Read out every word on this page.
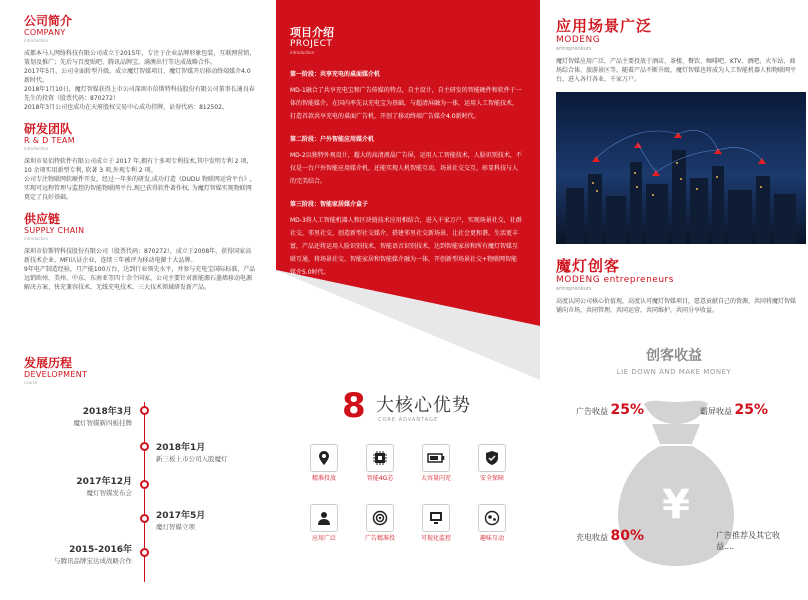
公司简介
COMPANY
introduction
成都本马人网络科技有限公司成立于2015年，专注于企业品牌形象包装，互联网营销，策划及推广；先后与百度贴吧、腾讯品牌宝，满澳出行等达成战略合作。
2017年5月，公司全面转型升级，成立魔灯智媒项目，魔灯智媒开启移动终端媒介4.0新时代。
2018年1月10日，魔灯智媒获得上市公司深圳市倍斯特科技股份有限公司董事长通良春先生的投资（股票代码：870272）
2018年3月公司也成功在天府股权交易中心成功挂牌，证券代码：812502。
研发团队
R & D TEAM
introduction
深圳市易佰特软件有限公司成立于 2017 年,拥有十多项专利技术,其中发明专利 2 项, 10 余项实用新型专利, 软著 3 项,外观专利 2 项。
公司专注物联网软硬件开发，经过一年多的研发,成功打造《DUDU 物联网运营平台》,实现可远程管理与监控的智能物联网平台,现已获得软件著作权, 为魔灯智媒实现物联网奠定了良好基础。
供应链
SUPPLY CHAIN
introduction
深圳市倍斯特科技股份有限公司（股票代码：870272），成立于2008年，获得国家高新技术企业、MFI认证企业，连续三年被评为移动电源十大品牌。
9年电产制造经验，月产能100万台，达到行业领先水平，并参与充电宝国际标准，产品远销欧州、美州、中东、东南亚等四十余个国家，公司主要针对新能源石墨烯移动电源解决方案、快充兼容技术、无线充电技术、三大技术领域研发新产品。
发展历程
DEVELOPMENT
course
2018年3月
魔灯智媒新四板挂牌
2018年1月
新三板上市公司入股魔灯
2017年12月
魔灯智媒发布会
2017年5月
魔灯智媒立项
2015-2016年
与腾讯品牌宝达成战略合作
项目介绍
PROJECT
introduction
第一阶段：共享充电的桌面媒介机
MD-1融合了共享充电宝和广告传媒的特点，自主设计，自主研发的智能硬件和软件于一体的智能媒介。在国内率先以充电宝为基础，与超清屏融为一体，运用人工智能技术，打造首款共享充电的桌面广告机，开创了移动终端广告媒介4.0新时代。
第二阶段：户外智能应用媒介机
MD-2以独特外观设计，超大的高清液晶广告屏，运用人工智能技术，人脸识别技术，不仅是一台户外智能应用媒介机，还能实现人机智能互动，场景社交交互，彰显科技与人的完美结合。
第三阶段：智能家居媒介盒子
MD-3将人工智能机器人和区块链技术应用相结合，进入千家万户，实现场景社交，社群社交，邻里社交，创造新型社交媒介，搭建邻里社交新场景，让社会更和谐，生活更丰富，产品还将运用人脸识别技术，智能语音识别技术，达到智能家居和所有魔灯智媒互联互通，将场景社交、智能家居和智能媒介融为一体，开创新型场景社交+物联网智能媒介5.0时代。
8 大核心优势
CORE ADVANTAGE
精准投放	智能4G芯	大容量闪充	安全保障
应用广泛	广告精准投	可视化监控	趣味互动
应用场景广泛
MODENG
entrepreneurs
魔灯智媒应用广泛，产品主要投放于酒店、茶楼、餐饮、咖啡吧、KTV、酒吧、火车站、商场综合体、旅游景区等，随着产品不断升级，魔灯智媒也将成为人工智能机器人和物联网平台，进入各行各业，千家万户。
魔灯创客
MODENG entrepreneurs
entrepreneurs
高度认同公司核心价值观，高度认可魔灯智媒项目，愿意贡献自己的资源，共同将魔灯智媒铺向市场，共同管理，共同运营，共同维护，共同分享收益。
创客收益
LIE DOWN AND MAKE MONEY
¥
广告收益 25%	霸屏收益 25%
充电收益 80%	广告推荐及其它收益....
